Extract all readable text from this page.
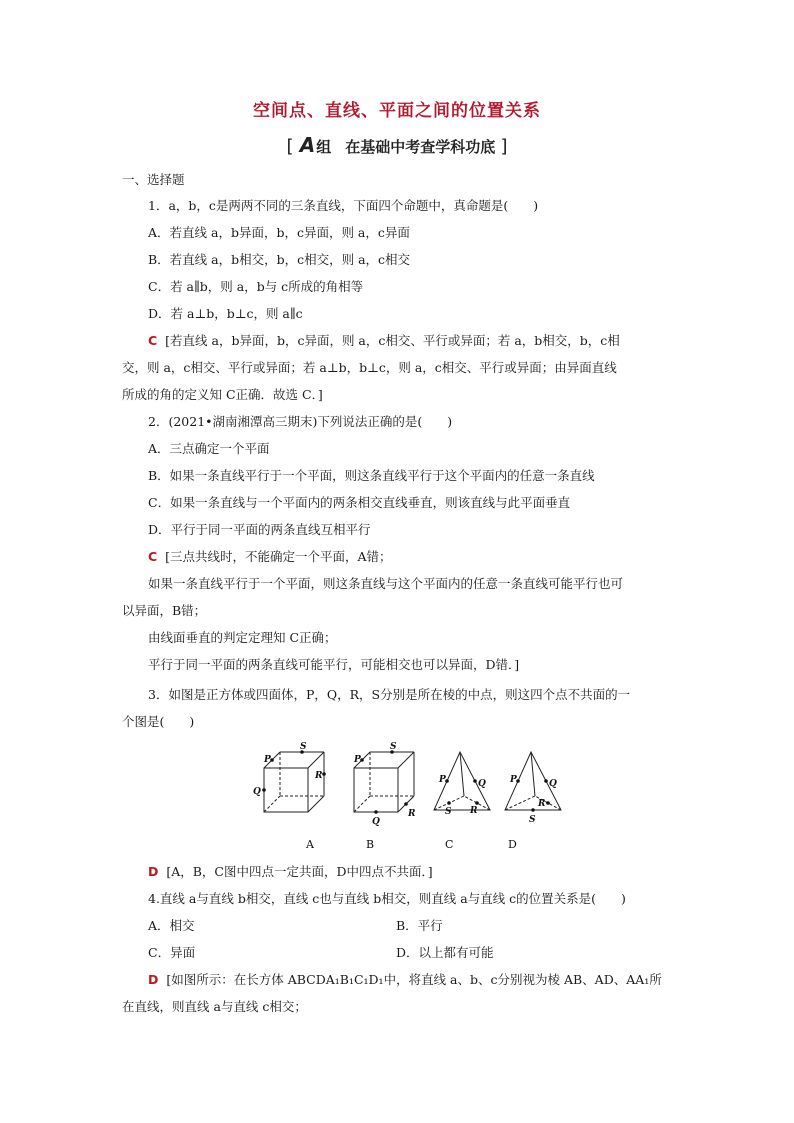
空间点、直线、平面之间的位置关系
[ A组 在基础中考查学科功底 ]
一、选择题
1．a，b，c是两两不同的三条直线，下面四个命题中，真命题是(　　)
A．若直线 a，b异面，b，c异面，则 a，c异面
B．若直线 a，b相交，b，c相交，则 a，c相交
C．若 a∥b，则 a，b与 c所成的角相等
D．若 a⊥b，b⊥c，则 a∥c
C [若直线 a，b异面，b，c异面，则 a，c相交、平行或异面；若 a，b相交，b，c相
交，则 a，c相交、平行或异面；若 a⊥b，b⊥c，则 a，c相交、平行或异面；由异面直线
所成的角的定义知 C正确．故选 C．]
2．(2021•湖南湘潭高三期末)下列说法正确的是(　　)
A．三点确定一个平面
B．如果一条直线平行于一个平面，则这条直线平行于这个平面内的任意一条直线
C．如果一条直线与一个平面内的两条相交直线垂直，则该直线与此平面垂直
D．平行于同一平面的两条直线互相平行
C [三点共线时，不能确定一个平面，A错；
如果一条直线平行于一个平面，则这条直线与这个平面内的任意一条直线可能平行也可
以异面，B错；
由线面垂直的判定定理知 C正确；
平行于同一平面的两条直线可能平行，可能相交也可以异面，D错．]
3．如图是正方体或四面体，P，Q，R，S分别是所在棱的中点，则这四个点不共面的一
个图是(　　)
S
P
R
Q
S
P
R
Q
P	Q
S R
P	Q
R
S
A	B	C	D
D [A，B，C图中四点一定共面，D中四点不共面．]
4.直线 a与直线 b相交，直线 c也与直线 b相交，则直线 a与直线 c的位置关系是(　　)
A．相交	B．平行
C．异面	D．以上都有可能
D [如图所示：在长方体 ABCDA₁B₁C₁D₁中，将直线 a、b、c分别视为棱 AB、AD、AA₁所
在直线，则直线 a与直线 c相交；
